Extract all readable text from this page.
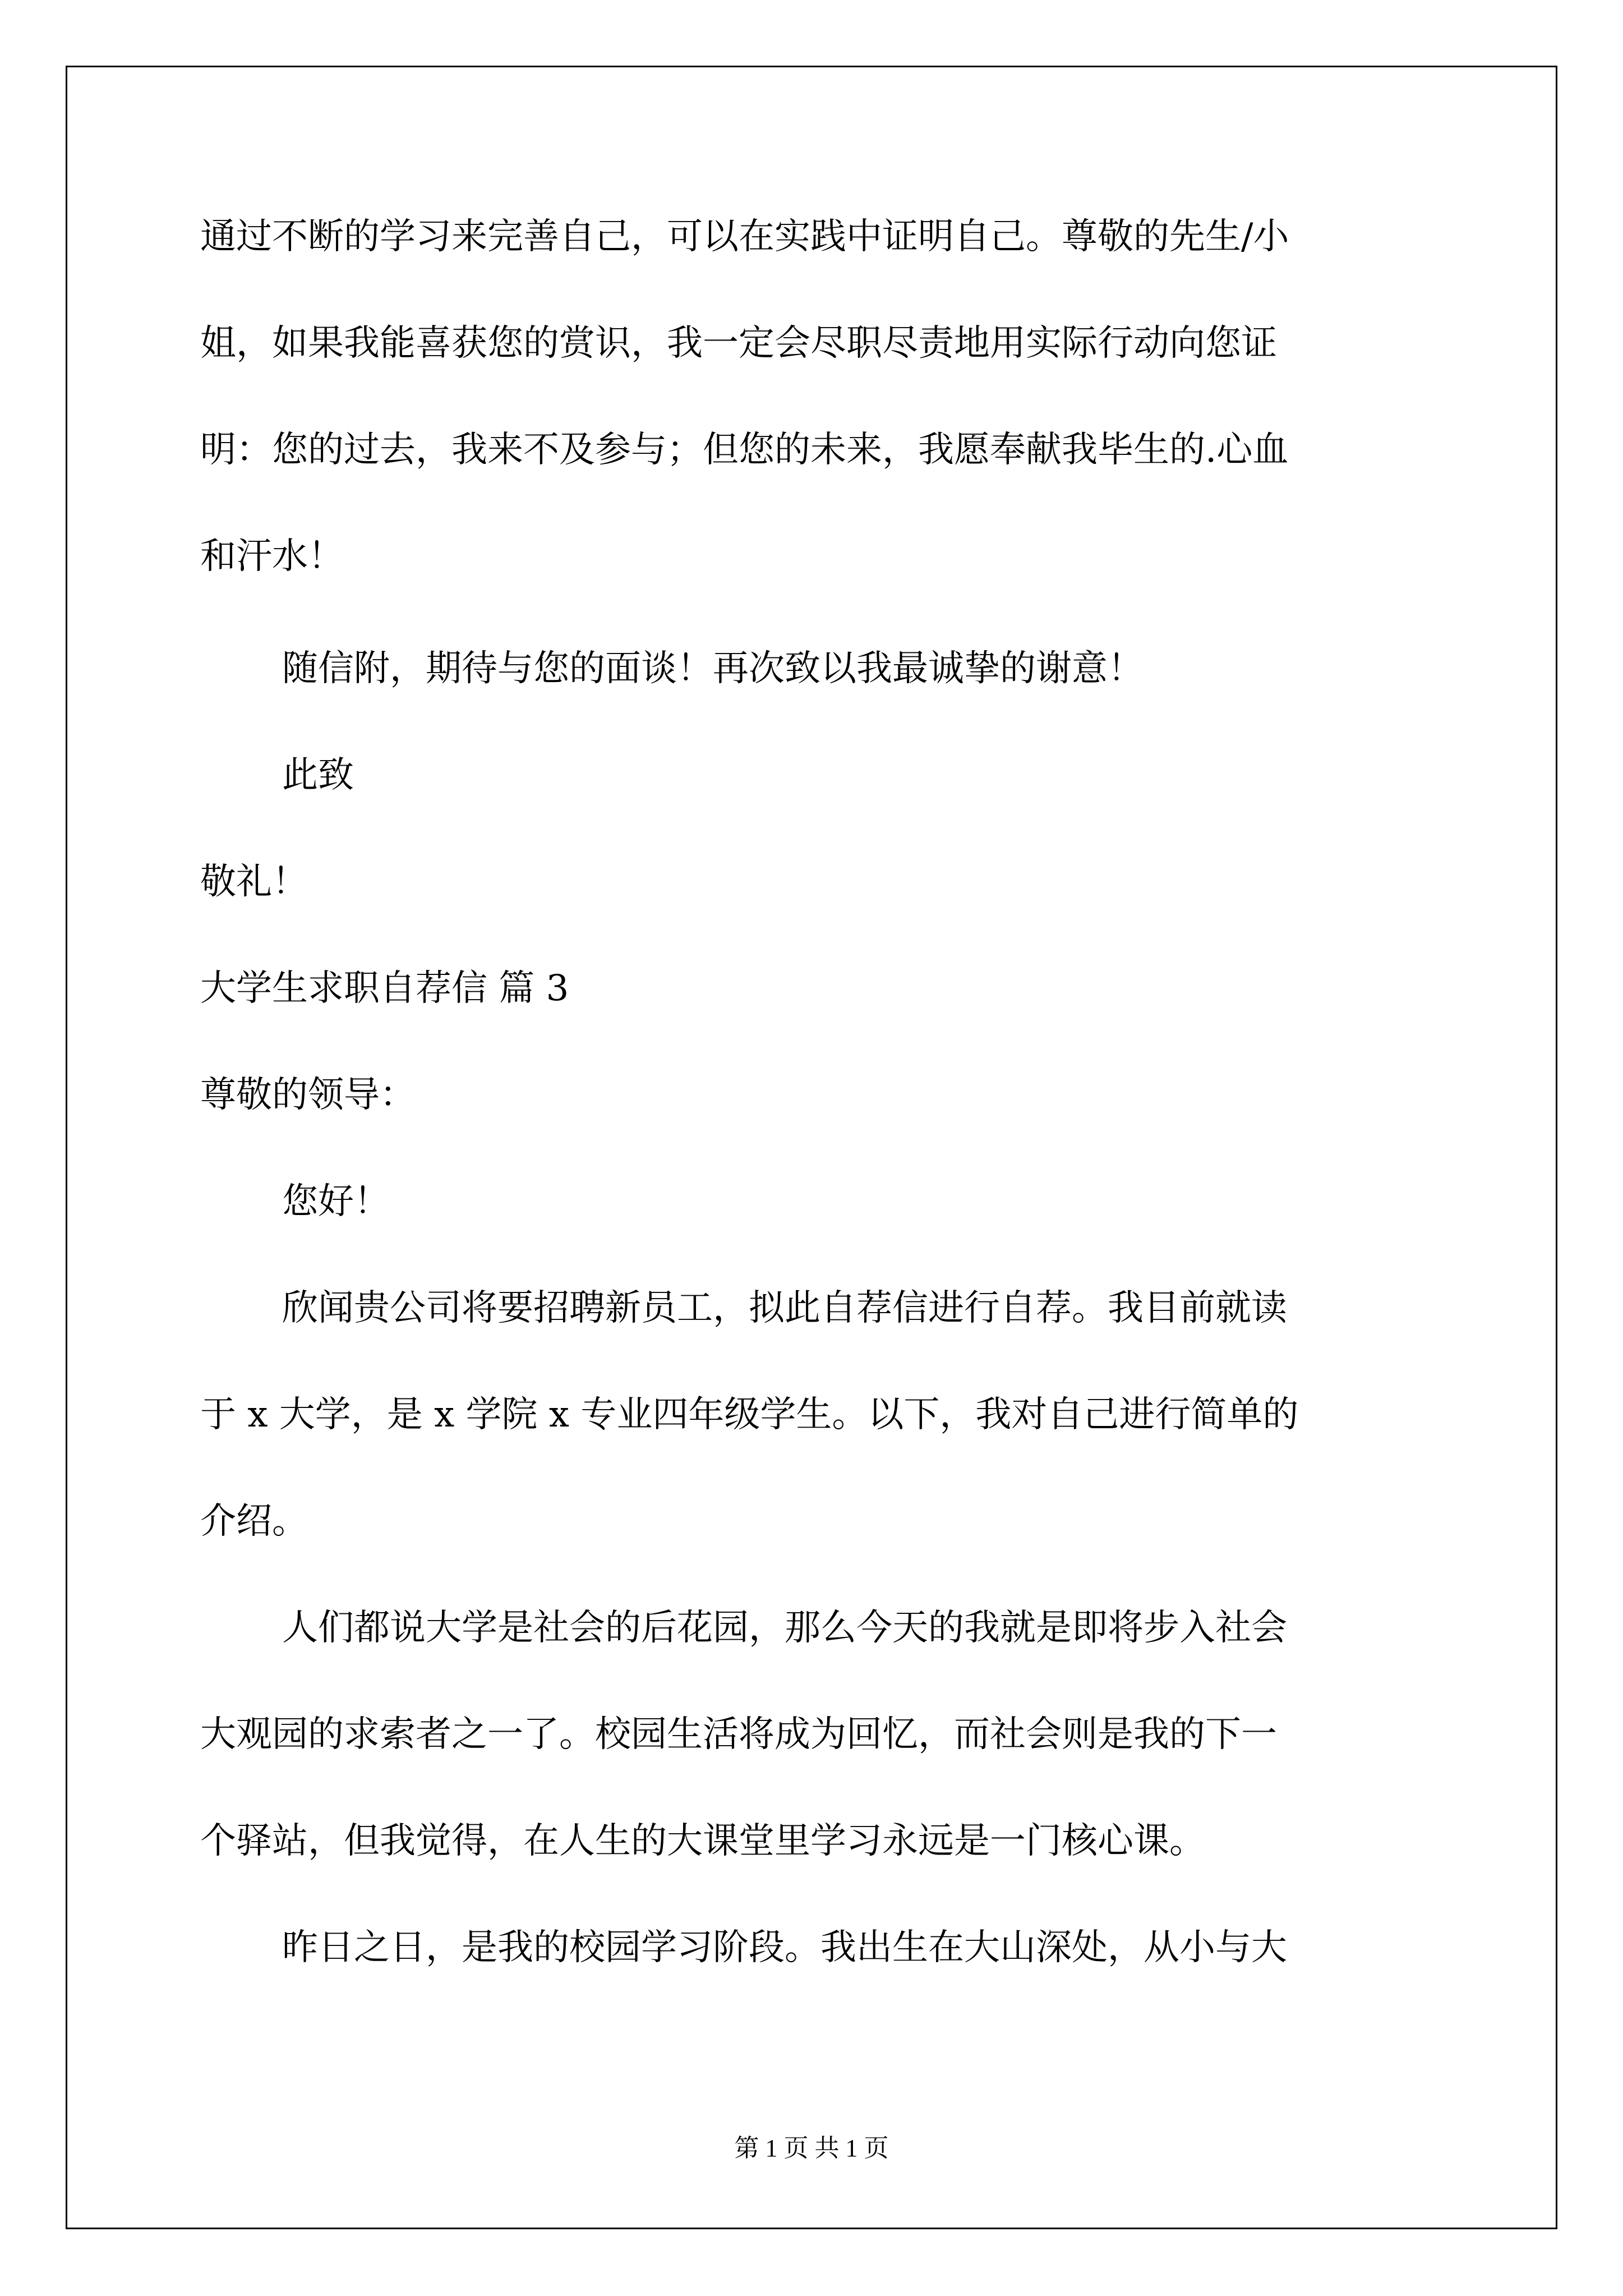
通过不断的学习来完善自己，可以在实践中证明自己。尊敬的先生/小
姐，如果我能喜获您的赏识，我一定会尽职尽责地用实际行动向您证
明：您的过去，我来不及参与；但您的未来，我愿奉献我毕生的.心血
和汗水！
随信附，期待与您的面谈！再次致以我最诚挚的谢意！
此致
敬礼！
大学生求职自荐信 篇 3
尊敬的领导：
您好！
欣闻贵公司将要招聘新员工，拟此自荐信进行自荐。我目前就读
于 x 大学，是 x 学院 x 专业四年级学生。以下，我对自己进行简单的
介绍。
人们都说大学是社会的后花园，那么今天的我就是即将步入社会
大观园的求索者之一了。校园生活将成为回忆，而社会则是我的下一
个驿站，但我觉得，在人生的大课堂里学习永远是一门核心课。
昨日之日，是我的校园学习阶段。我出生在大山深处，从小与大
第 1 页 共 1 页
